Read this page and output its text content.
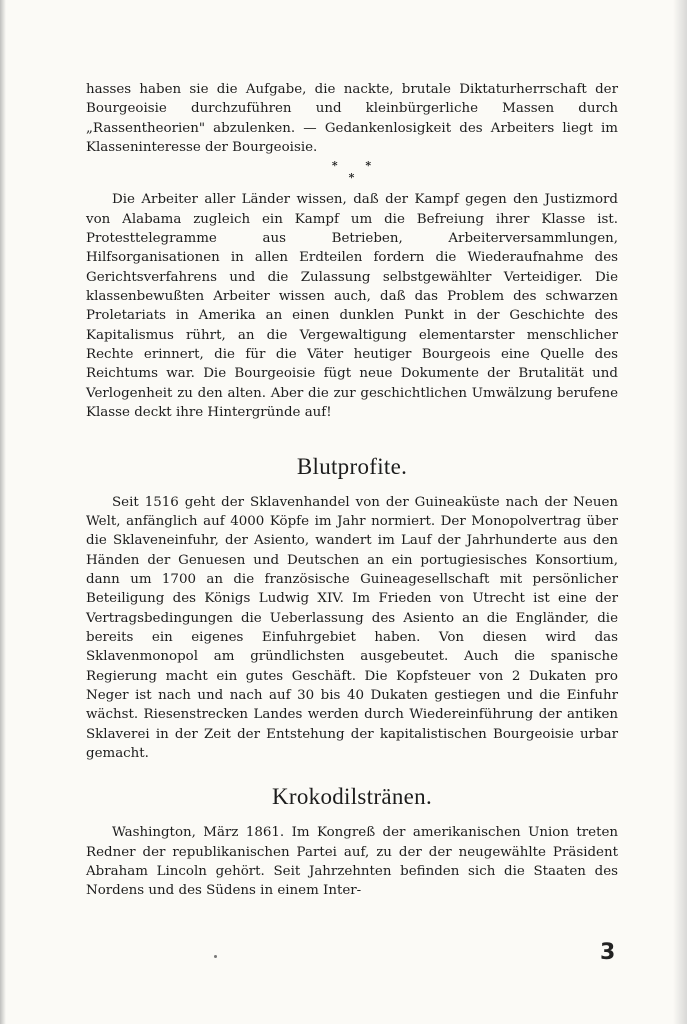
hasses haben sie die Aufgabe, die nackte, brutale Diktaturherrschaft der Bourgeoisie durchzuführen und kleinbürgerliche Massen durch „Rassentheorien" abzulenken. — Gedankenlosigkeit des Arbeiters liegt im Klasseninteresse der Bourgeoisie.

* *
*

Die Arbeiter aller Länder wissen, daß der Kampf gegen den Justizmord von Alabama zugleich ein Kampf um die Befreiung ihrer Klasse ist. Protesttelegramme aus Betrieben, Arbeiterversammlungen, Hilfsorganisationen in allen Erdteilen fordern die Wiederaufnahme des Gerichtsverfahrens und die Zulassung selbstgewählter Verteidiger. Die klassenbewußten Arbeiter wissen auch, daß das Problem des schwarzen Proletariats in Amerika an einen dunklen Punkt in der Geschichte des Kapitalismus rührt, an die Vergewaltigung elementarster menschlicher Rechte erinnert, die für die Väter heutiger Bourgeois eine Quelle des Reichtums war. Die Bourgeoisie fügt neue Dokumente der Brutalität und Verlogenheit zu den alten. Aber die zur geschichtlichen Umwälzung berufene Klasse deckt ihre Hintergründe auf!

Blutprofite.

Seit 1516 geht der Sklavenhandel von der Guineaküste nach der Neuen Welt, anfänglich auf 4000 Köpfe im Jahr normiert. Der Monopolvertrag über die Sklaveneinfuhr, der Asiento, wandert im Lauf der Jahrhunderte aus den Händen der Genuesen und Deutschen an ein portugiesisches Konsortium, dann um 1700 an die französische Guineagesellschaft mit persönlicher Beteiligung des Königs Ludwig XIV. Im Frieden von Utrecht ist eine der Vertragsbedingungen die Ueberlassung des Asiento an die Engländer, die bereits ein eigenes Einfuhrgebiet haben. Von diesen wird das Sklavenmonopol am gründlichsten ausgebeutet. Auch die spanische Regierung macht ein gutes Geschäft. Die Kopfsteuer von 2 Dukaten pro Neger ist nach und nach auf 30 bis 40 Dukaten gestiegen und die Einfuhr wächst. Riesenstrecken Landes werden durch Wiedereinführung der antiken Sklaverei in der Zeit der Entstehung der kapitalistischen Bourgeoisie urbar gemacht.

Krokodilstränen.

Washington, März 1861. Im Kongreß der amerikanischen Union treten Redner der republikanischen Partei auf, zu der der neugewählte Präsident Abraham Lincoln gehört. Seit Jahrzehnten befinden sich die Staaten des Nordens und des Südens in einem Inter-

3
